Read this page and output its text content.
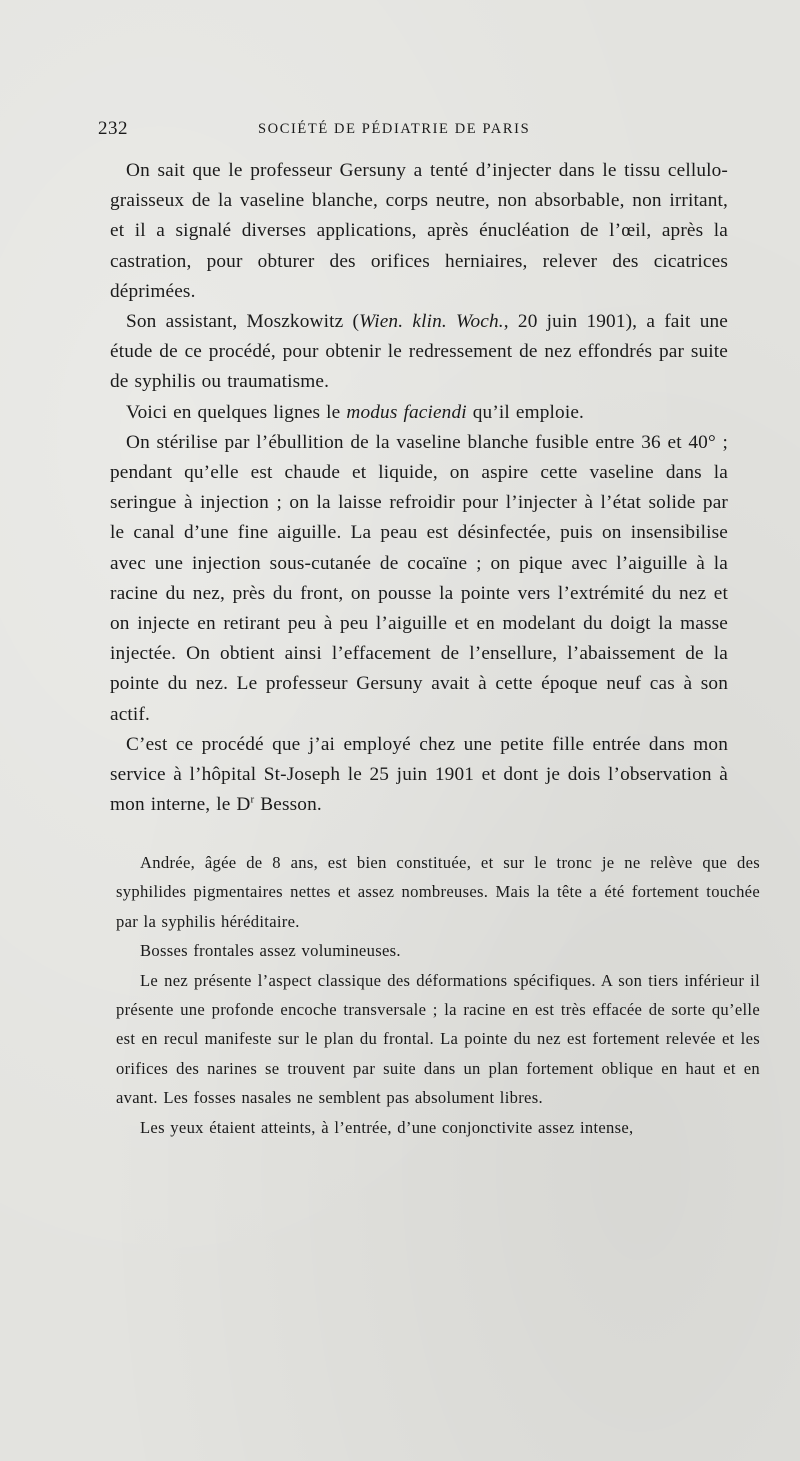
232	SOCIÉTÉ DE PÉDIATRIE DE PARIS

On sait que le professeur Gersuny a tenté d’injecter dans le tissu cellulo-graisseux de la vaseline blanche, corps neutre, non absorbable, non irritant, et il a signalé diverses applications, après énucléation de l’œil, après la castration, pour obturer des orifices herniaires, relever des cicatrices déprimées.

Son assistant, Moszkowitz (Wien. klin. Woch., 20 juin 1901), a fait une étude de ce procédé, pour obtenir le redressement de nez effondrés par suite de syphilis ou traumatisme.

Voici en quelques lignes le modus faciendi qu’il emploie.

On stérilise par l’ébullition de la vaseline blanche fusible entre 36 et 40° ; pendant qu’elle est chaude et liquide, on aspire cette vaseline dans la seringue à injection ; on la laisse refroidir pour l’injecter à l’état solide par le canal d’une fine aiguille. La peau est désinfectée, puis on insensibilise avec une injection sous-cutanée de cocaïne ; on pique avec l’aiguille à la racine du nez, près du front, on pousse la pointe vers l’extrémité du nez et on injecte en retirant peu à peu l’aiguille et en modelant du doigt la masse injectée. On obtient ainsi l’effacement de l’ensellure, l’abaissement de la pointe du nez. Le professeur Gersuny avait à cette époque neuf cas à son actif.

C’est ce procédé que j’ai employé chez une petite fille entrée dans mon service à l’hôpital St-Joseph le 25 juin 1901 et dont je dois l’observation à mon interne, le $D^r$ Besson.

Andrée, âgée de 8 ans, est bien constituée, et sur le tronc je ne relève que des syphilides pigmentaires nettes et assez nombreuses. Mais la tête a été fortement touchée par la syphilis héréditaire.

Bosses frontales assez volumineuses.

Le nez présente l’aspect classique des déformations spécifiques. A son tiers inférieur il présente une profonde encoche transversale ; la racine en est très effacée de sorte qu’elle est en recul manifeste sur le plan du frontal. La pointe du nez est fortement relevée et les orifices des narines se trouvent par suite dans un plan fortement oblique en haut et en avant. Les fosses nasales ne semblent pas absolument libres.

Les yeux étaient atteints, à l’entrée, d’une conjonctivite assez intense,
